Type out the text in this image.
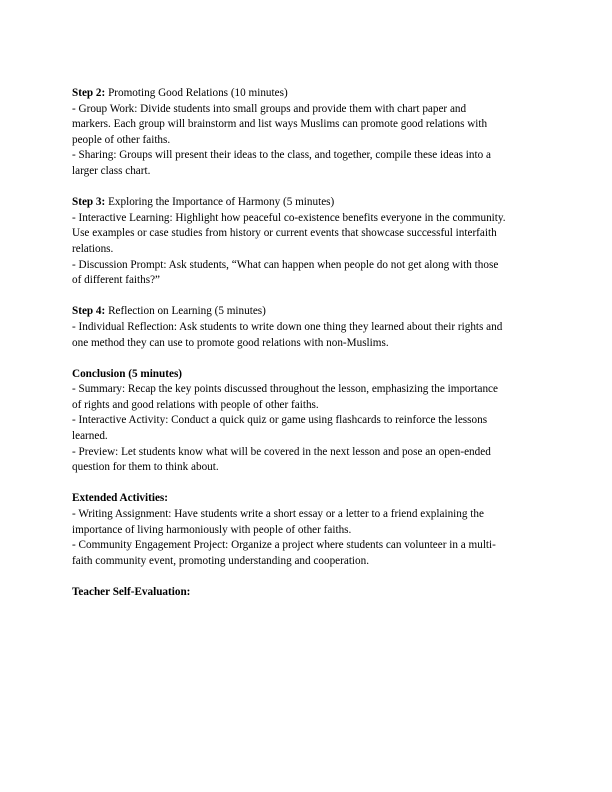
Step 2: Promoting Good Relations (10 minutes)
- Group Work: Divide students into small groups and provide them with chart paper and
markers. Each group will brainstorm and list ways Muslims can promote good relations with
people of other faiths.
- Sharing: Groups will present their ideas to the class, and together, compile these ideas into a
larger class chart.
Step 3: Exploring the Importance of Harmony (5 minutes)
- Interactive Learning: Highlight how peaceful co-existence benefits everyone in the community.
Use examples or case studies from history or current events that showcase successful interfaith
relations.
- Discussion Prompt: Ask students, “What can happen when people do not get along with those
of different faiths?”
Step 4: Reflection on Learning (5 minutes)
- Individual Reflection: Ask students to write down one thing they learned about their rights and
one method they can use to promote good relations with non-Muslims.
Conclusion (5 minutes)
- Summary: Recap the key points discussed throughout the lesson, emphasizing the importance
of rights and good relations with people of other faiths.
- Interactive Activity: Conduct a quick quiz or game using flashcards to reinforce the lessons
learned.
- Preview: Let students know what will be covered in the next lesson and pose an open-ended
question for them to think about.
Extended Activities:
- Writing Assignment: Have students write a short essay or a letter to a friend explaining the
importance of living harmoniously with people of other faiths.
- Community Engagement Project: Organize a project where students can volunteer in a multi-
faith community event, promoting understanding and cooperation.
Teacher Self-Evaluation:
